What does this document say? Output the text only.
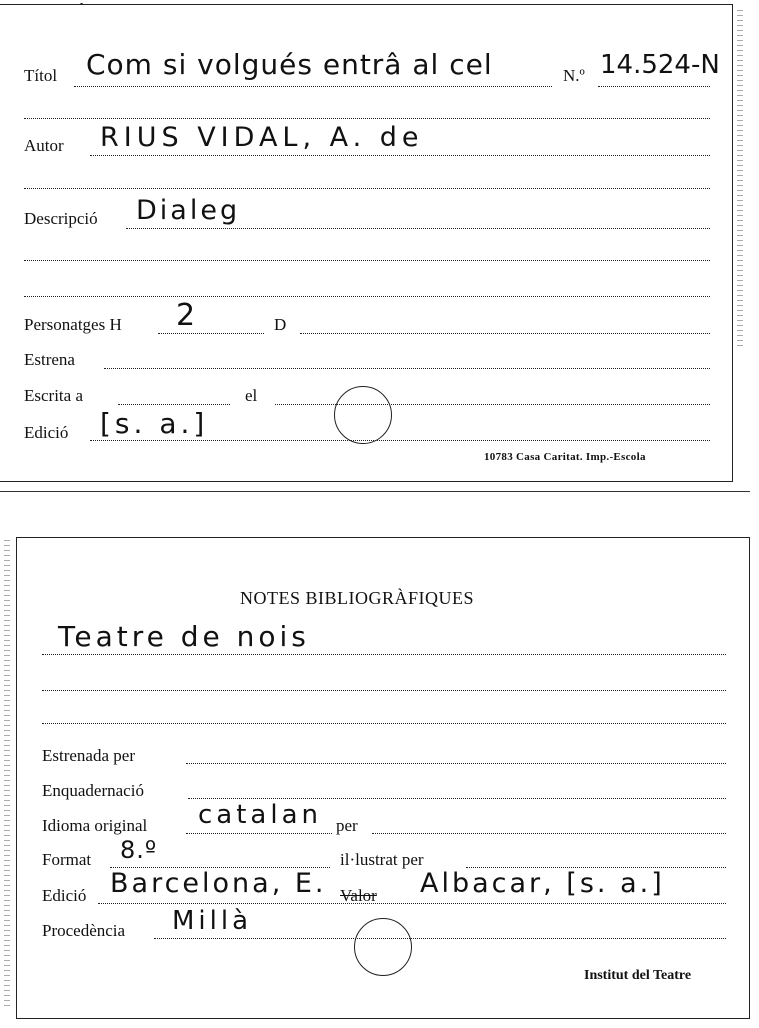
Títol Com si volgués entrâ al cel	N.º 14.524-N
Autor RIUS VIDAL, A. de
Descripció Dialeg
Personatges H 2	D
Estrena
Escrita a	el
Edició [s. a.]
10783 Casa Caritat. Imp.-Escola
NOTES BIBLIOGRÀFIQUES
Teatre de nois
Estrenada per
Enquadernació
Idioma original catalan per
Format 8.º	il·lustrat per
Edició Barcelona, E. Valor Albacar, [s. a.]
Procedència Millà
Institut del Teatre
